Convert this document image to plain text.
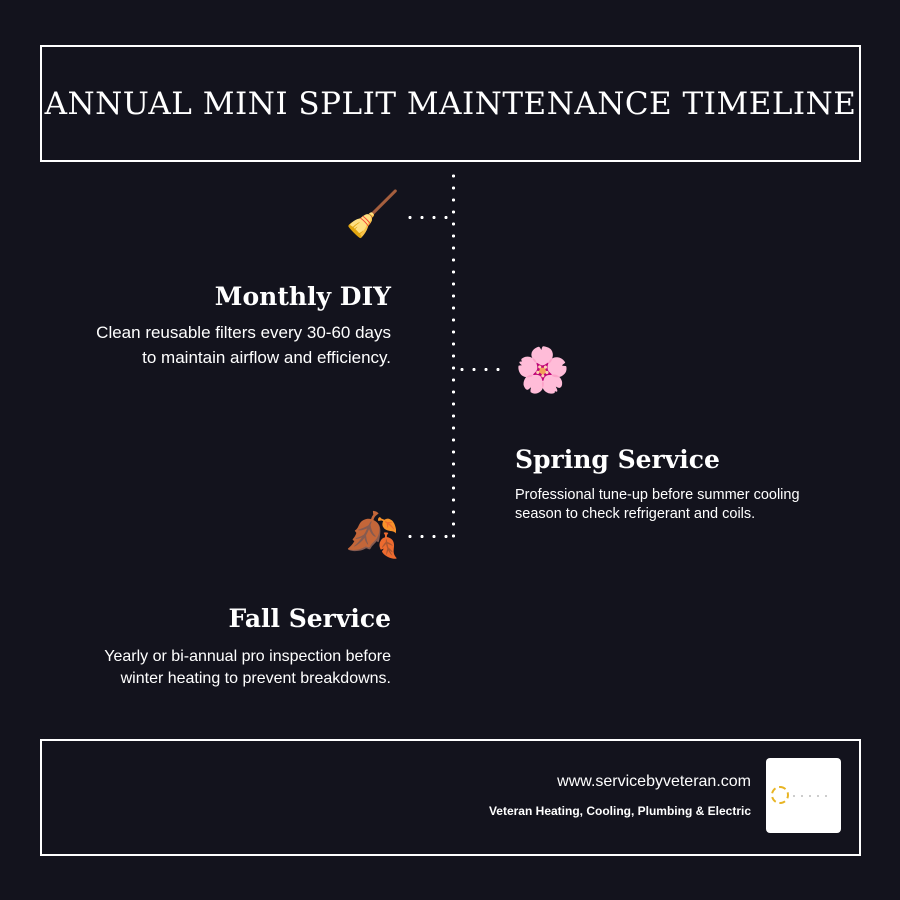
ANNUAL MINI SPLIT MAINTENANCE TIMELINE
🧹
Monthly DIY
Clean reusable filters every 30-60 days
to maintain airflow and efficiency.	🌸
Spring Service
Professional tune-up before summer cooling
season to check refrigerant and coils.
🍂
Fall Service
Yearly or bi-annual pro inspection before
winter heating to prevent breakdowns.
www.servicebyveteran.com
Veteran Heating, Cooling, Plumbing & Electric
